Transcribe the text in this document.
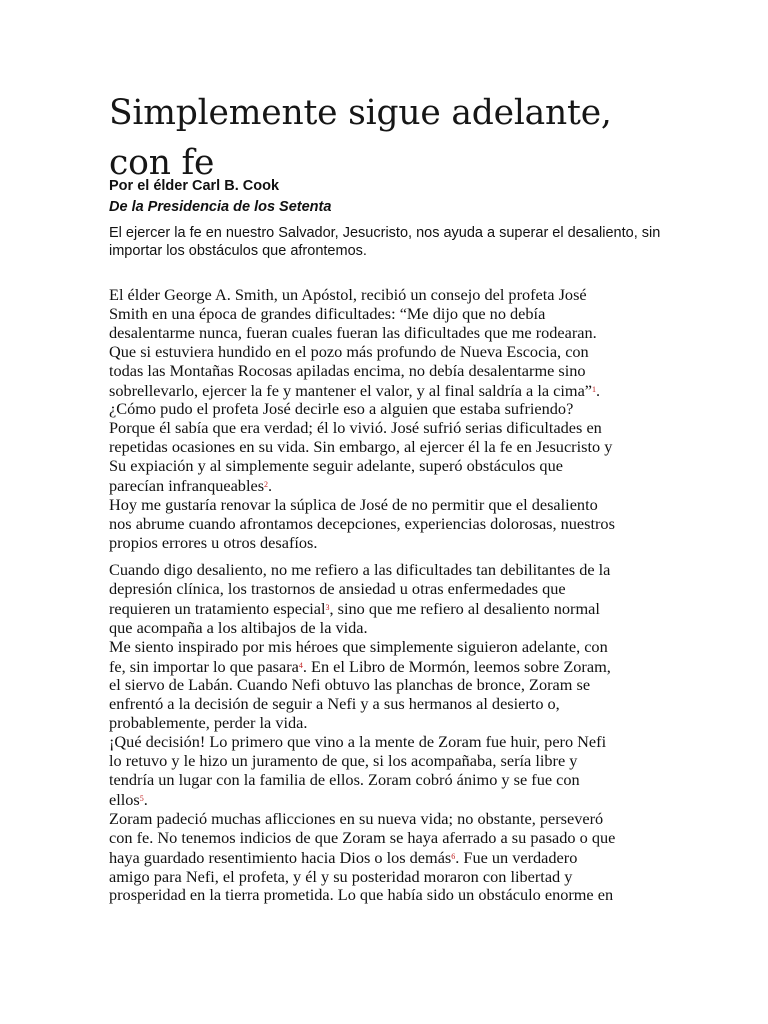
Simplemente sigue adelante, con fe

Por el élder Carl B. Cook

De la Presidencia de los Setenta

El ejercer la fe en nuestro Salvador, Jesucristo, nos ayuda a superar el desaliento, sin importar los obstáculos que afrontemos.

El élder George A. Smith, un Apóstol, recibió un consejo del profeta José
Smith en una época de grandes dificultades: “Me dijo que no debía
desalentarme nunca, fueran cuales fueran las dificultades que me rodearan.
Que si estuviera hundido en el pozo más profundo de Nueva Escocia, con
todas las Montañas Rocosas apiladas encima, no debía desalentarme sino
sobrellevarlo, ejercer la fe y mantener el valor, y al final saldría a la cima”$^1$.
¿Cómo pudo el profeta José decirle eso a alguien que estaba sufriendo?
Porque él sabía que era verdad; él lo vivió. José sufrió serias dificultades en
repetidas ocasiones en su vida. Sin embargo, al ejercer él la fe en Jesucristo y
Su expiación y al simplemente seguir adelante, superó obstáculos que
parecían infranqueables$^2$.
Hoy me gustaría renovar la súplica de José de no permitir que el desaliento
nos abrume cuando afrontamos decepciones, experiencias dolorosas, nuestros
propios errores u otros desafíos.
Cuando digo desaliento, no me refiero a las dificultades tan debilitantes de la
depresión clínica, los trastornos de ansiedad u otras enfermedades que
requieren un tratamiento especial$^3$, sino que me refiero al desaliento normal
que acompaña a los altibajos de la vida.
Me siento inspirado por mis héroes que simplemente siguieron adelante, con
fe, sin importar lo que pasara$^4$. En el Libro de Mormón, leemos sobre Zoram,
el siervo de Labán. Cuando Nefi obtuvo las planchas de bronce, Zoram se
enfrentó a la decisión de seguir a Nefi y a sus hermanos al desierto o,
probablemente, perder la vida.
¡Qué decisión! Lo primero que vino a la mente de Zoram fue huir, pero Nefi
lo retuvo y le hizo un juramento de que, si los acompañaba, sería libre y
tendría un lugar con la familia de ellos. Zoram cobró ánimo y se fue con
ellos$^5$.
Zoram padeció muchas aflicciones en su nueva vida; no obstante, perseveró
con fe. No tenemos indicios de que Zoram se haya aferrado a su pasado o que
haya guardado resentimiento hacia Dios o los demás$^6$. Fue un verdadero
amigo para Nefi, el profeta, y él y su posteridad moraron con libertad y
prosperidad en la tierra prometida. Lo que había sido un obstáculo enorme en
